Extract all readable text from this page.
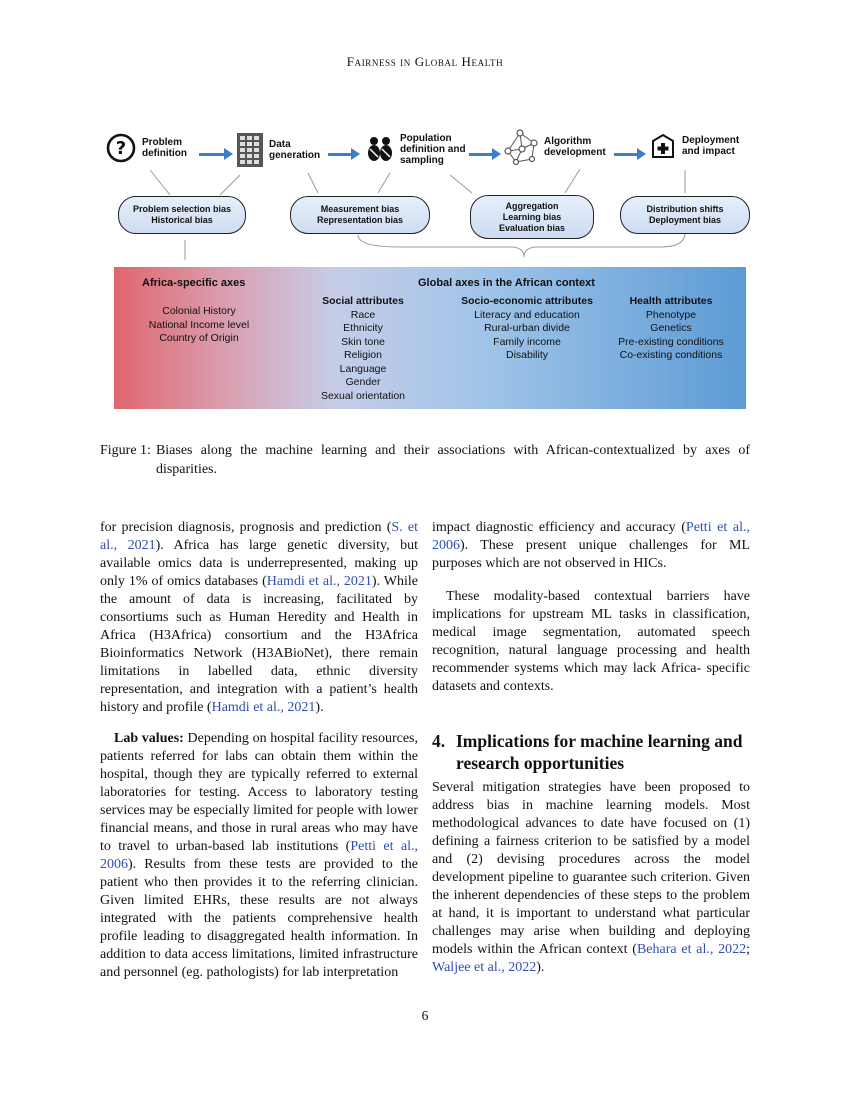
Fairness in Global Health
? Problem definition
Data generation
Population definition and sampling
Algorithm development
Deployment and impact
Problem selection bias
Historical bias
Measurement bias
Representation bias
Aggregation
Learning bias
Evaluation bias
Distribution shifts
Deployment bias
Africa-specific axes
Colonial History
National Income level
Country of Origin
Global axes in the African context
Social attributes
Race
Ethnicity
Skin tone
Religion
Language
Gender
Sexual orientation
Socio-economic attributes
Literacy and education
Rural-urban divide
Family income
Disability
Health attributes
Phenotype
Genetics
Pre-existing conditions
Co-existing conditions
Figure 1: Biases along the machine learning and their associations with African-contextualized by axes of disparities.

for precision diagnosis, prognosis and prediction (S. et al., 2021). Africa has large genetic diversity, but available omics data is underrepresented, making up only 1% of omics databases (Hamdi et al., 2021). While the amount of data is increasing, facilitated by consortiums such as Human Heredity and Health in Africa (H3Africa) consortium and the H3Africa Bioinformatics Network (H3ABioNet), there remain limitations in labelled data, ethnic diversity representation, and integration with a patient’s health history and profile (Hamdi et al., 2021).

Lab values: Depending on hospital facility resources, patients referred for labs can obtain them within the hospital, though they are typically referred to external laboratories for testing. Access to laboratory testing services may be especially limited for people with lower financial means, and those in rural areas who may have to travel to urban-based lab institutions (Petti et al., 2006). Results from these tests are provided to the patient who then provides it to the referring clinician. Given limited EHRs, these results are not always integrated with the patients comprehensive health profile leading to disaggregated health information. In addition to data access limitations, limited infrastructure and personnel (eg. pathologists) for lab interpretation

impact diagnostic efficiency and accuracy (Petti et al., 2006). These present unique challenges for ML purposes which are not observed in HICs.

These modality-based contextual barriers have implications for upstream ML tasks in classification, medical image segmentation, automated speech recognition, natural language processing and health recommender systems which may lack Africa- specific datasets and contexts.

4. Implications for machine learning and research opportunities

Several mitigation strategies have been proposed to address bias in machine learning models. Most methodological advances to date have focused on (1) defining a fairness criterion to be satisfied by a model and (2) devising procedures across the model development pipeline to guarantee such criterion. Given the inherent dependencies of these steps to the problem at hand, it is important to understand what particular challenges may arise when building and deploying models within the African context (Behara et al., 2022; Waljee et al., 2022).

6
